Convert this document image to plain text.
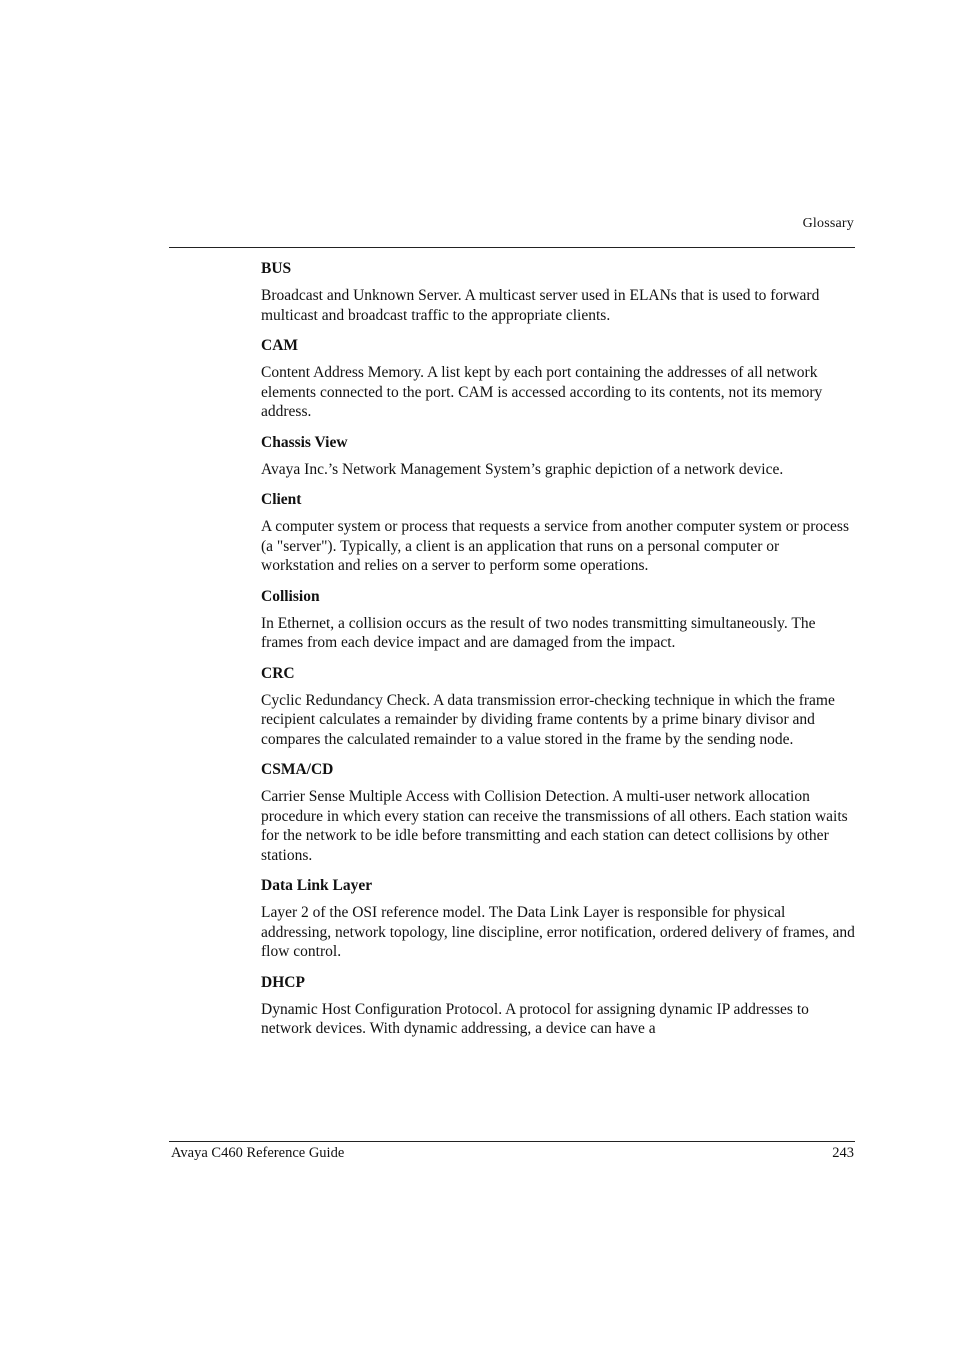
Glossary

BUS

Broadcast and Unknown Server. A multicast server used in ELANs that is used to forward multicast and broadcast traffic to the appropriate clients.

CAM

Content Address Memory. A list kept by each port containing the addresses of all network elements connected to the port. CAM is accessed according to its contents, not its memory address.

Chassis View

Avaya Inc.’s Network Management System’s graphic depiction of a network device.

Client

A computer system or process that requests a service from another computer system or process (a "server"). Typically, a client is an application that runs on a personal computer or workstation and relies on a server to perform some operations.

Collision

In Ethernet, a collision occurs as the result of two nodes transmitting simultaneously. The frames from each device impact and are damaged from the impact.

CRC

Cyclic Redundancy Check. A data transmission error-checking technique in which the frame recipient calculates a remainder by dividing frame contents by a prime binary divisor and compares the calculated remainder to a value stored in the frame by the sending node.

CSMA/CD

Carrier Sense Multiple Access with Collision Detection. A multi-user network allocation procedure in which every station can receive the transmissions of all others. Each station waits for the network to be idle before transmitting and each station can detect collisions by other stations.

Data Link Layer

Layer 2 of the OSI reference model. The Data Link Layer is responsible for physical addressing, network topology, line discipline, error notification, ordered delivery of frames, and flow control.

DHCP

Dynamic Host Configuration Protocol. A protocol for assigning dynamic IP addresses to network devices. With dynamic addressing, a device can have a

Avaya C460 Reference Guide	243
